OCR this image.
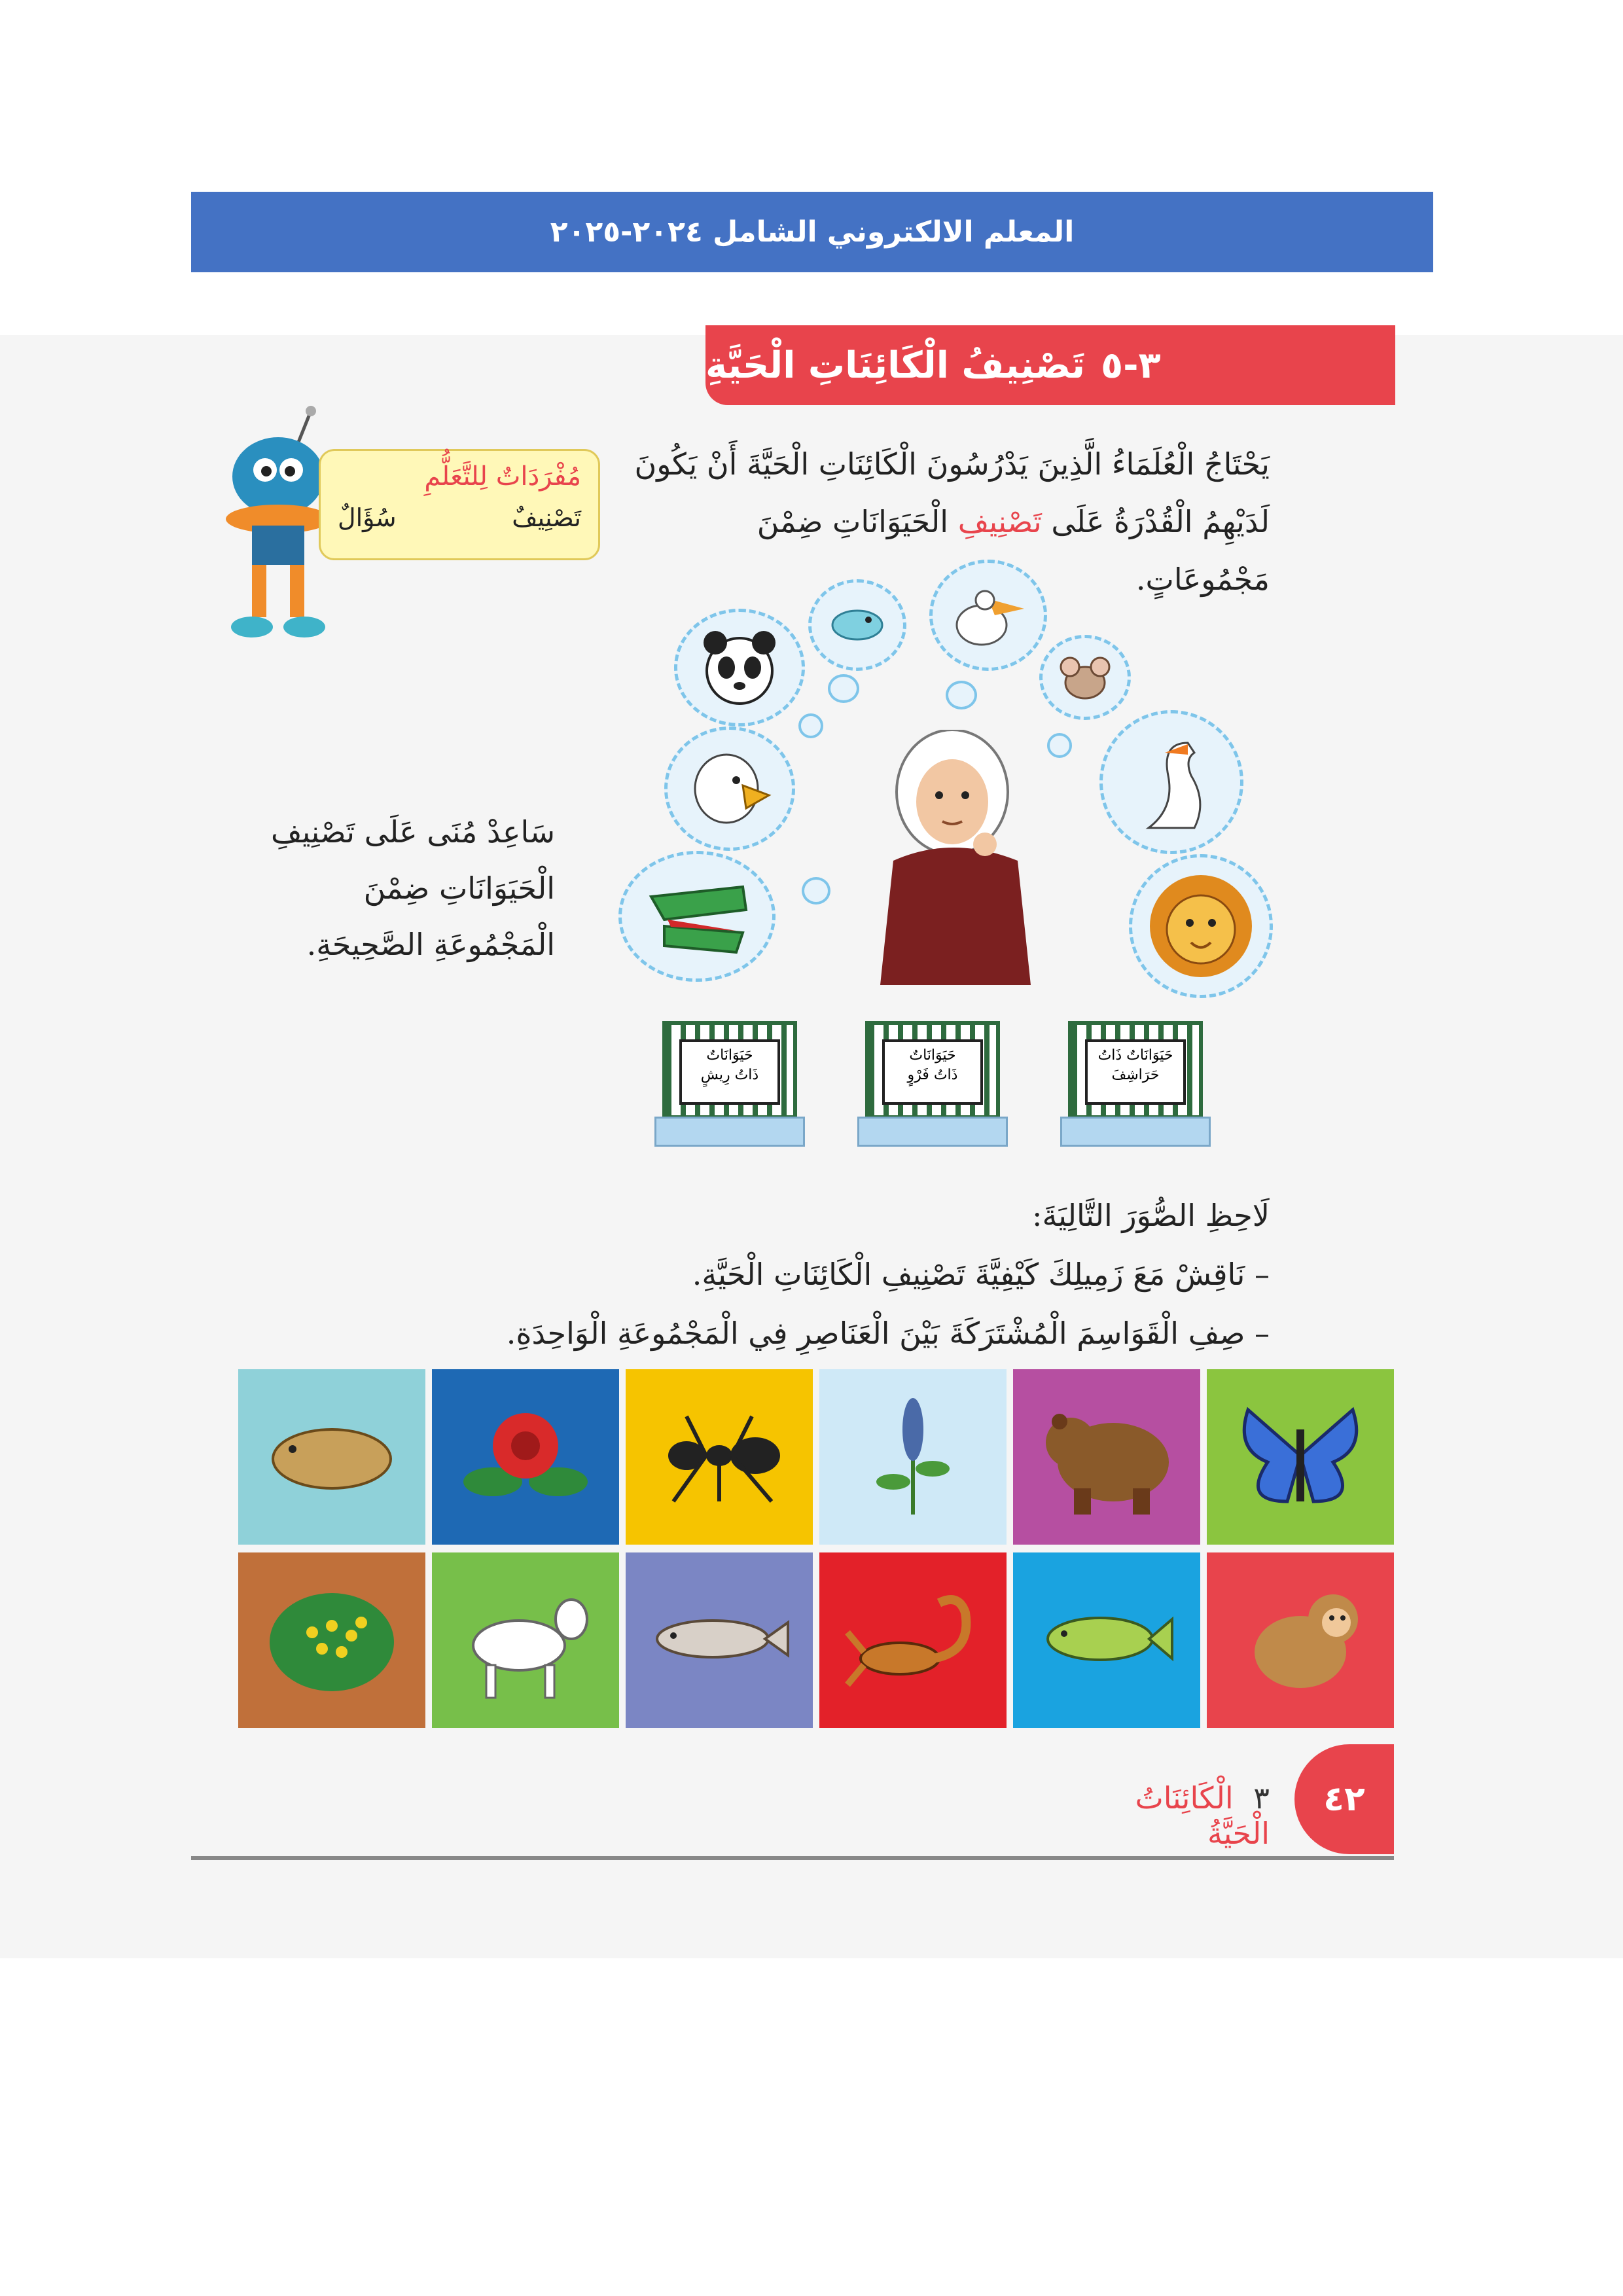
المعلم الالكتروني الشامل ٢٠٢٤-٢٠٢٥
٣-٥
تَصْنِيفُ الْكَائِنَاتِ الْحَيَّةِ
يَحْتَاجُ الْعُلَمَاءُ الَّذِينَ يَدْرُسُونَ الْكَائِنَاتِ الْحَيَّةَ أَنْ يَكُونَ
لَدَيْهِمُ الْقُدْرَةُ عَلَى تَصْنِيفِ الْحَيَوَانَاتِ ضِمْنَ مَجْمُوعَاتٍ.
مُفْرَدَاتٌ لِلتَّعَلُّمِ
تَصْنِيفٌ
سُؤَالٌ
سَاعِدْ مُنَى عَلَى تَصْنِيفِ
الْحَيَوَانَاتِ ضِمْنَ
الْمَجْمُوعَةِ الصَّحِيحَةِ.
حَيَوَانَاتٌ
ذَاتُ رِيشٍ
حَيَوَانَاتٌ
ذَاتُ فَرْوٍ
حَيَوَانَاتٌ ذَاتُ
حَرَاشِفَ
لَاحِظِ الصُّوَرَ التَّالِيَةَ:
– نَاقِشْ مَعَ زَمِيلِكَ كَيْفِيَّةَ تَصْنِيفِ الْكَائِنَاتِ الْحَيَّةِ.
– صِفِ الْقَوَاسِمَ الْمُشْتَرَكَةَ بَيْنَ الْعَنَاصِرِ فِي الْمَجْمُوعَةِ الْوَاحِدَةِ.
٣ الْكَائِنَاتُ الْحَيَّةُ
٤٢
